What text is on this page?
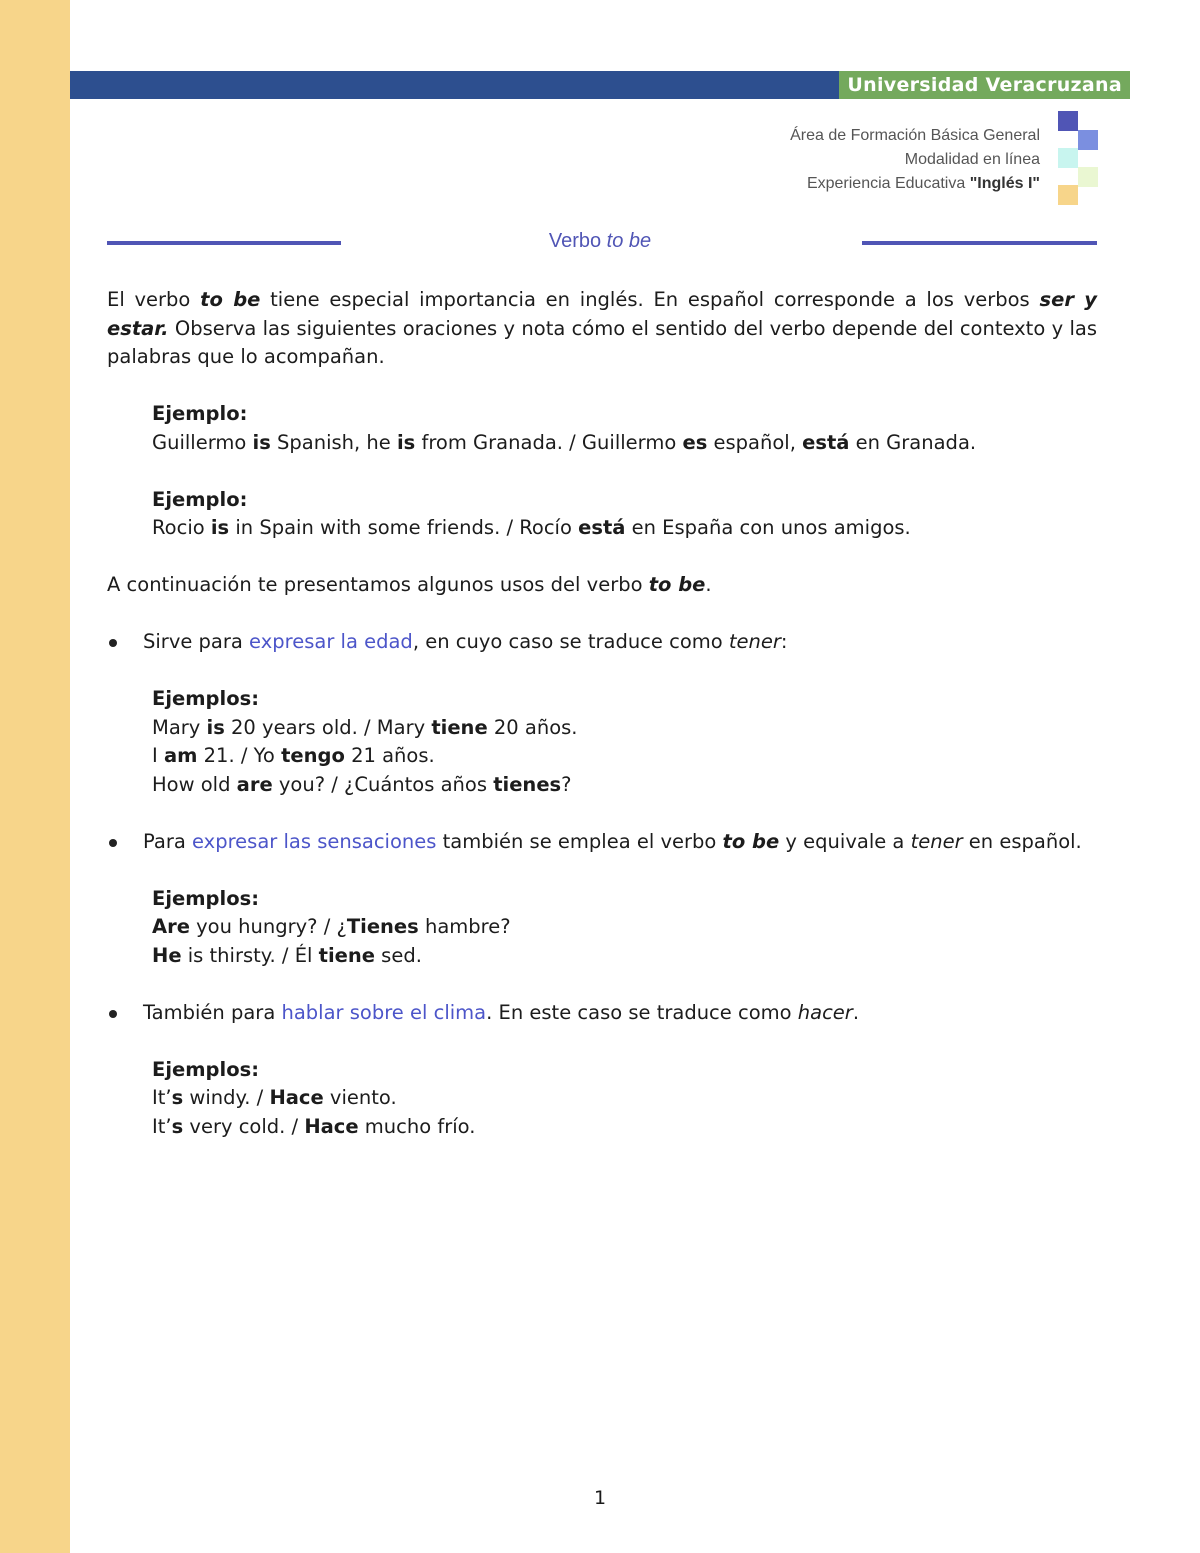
Universidad Veracruzana
Área de Formación Básica General
Modalidad en línea
Experiencia Educativa "Inglés I"
Verbo to be

El verbo to be tiene especial importancia en inglés. En español corresponde a los verbos ser y estar. Observa las siguientes oraciones y nota cómo el sentido del verbo depende del contexto y las palabras que lo acompañan.

Ejemplo:

Guillermo is Spanish, he is from Granada. / Guillermo es español, está en Granada.

Ejemplo:

Rocio is in Spain with some friends. / Rocío está en España con unos amigos.

A continuación te presentamos algunos usos del verbo to be.

Sirve para expresar la edad, en cuyo caso se traduce como tener:

Ejemplos:

Mary is 20 years old. / Mary tiene 20 años.

I am 21. / Yo tengo 21 años.

How old are you? / ¿Cuántos años tienes?

Para expresar las sensaciones también se emplea el verbo to be y equivale a tener en español.

Ejemplos:

Are you hungry? / ¿Tienes hambre?

He is thirsty. / Él tiene sed.

También para hablar sobre el clima. En este caso se traduce como hacer.

Ejemplos:

It’s windy. / Hace viento.

It’s very cold. / Hace mucho frío.

1
